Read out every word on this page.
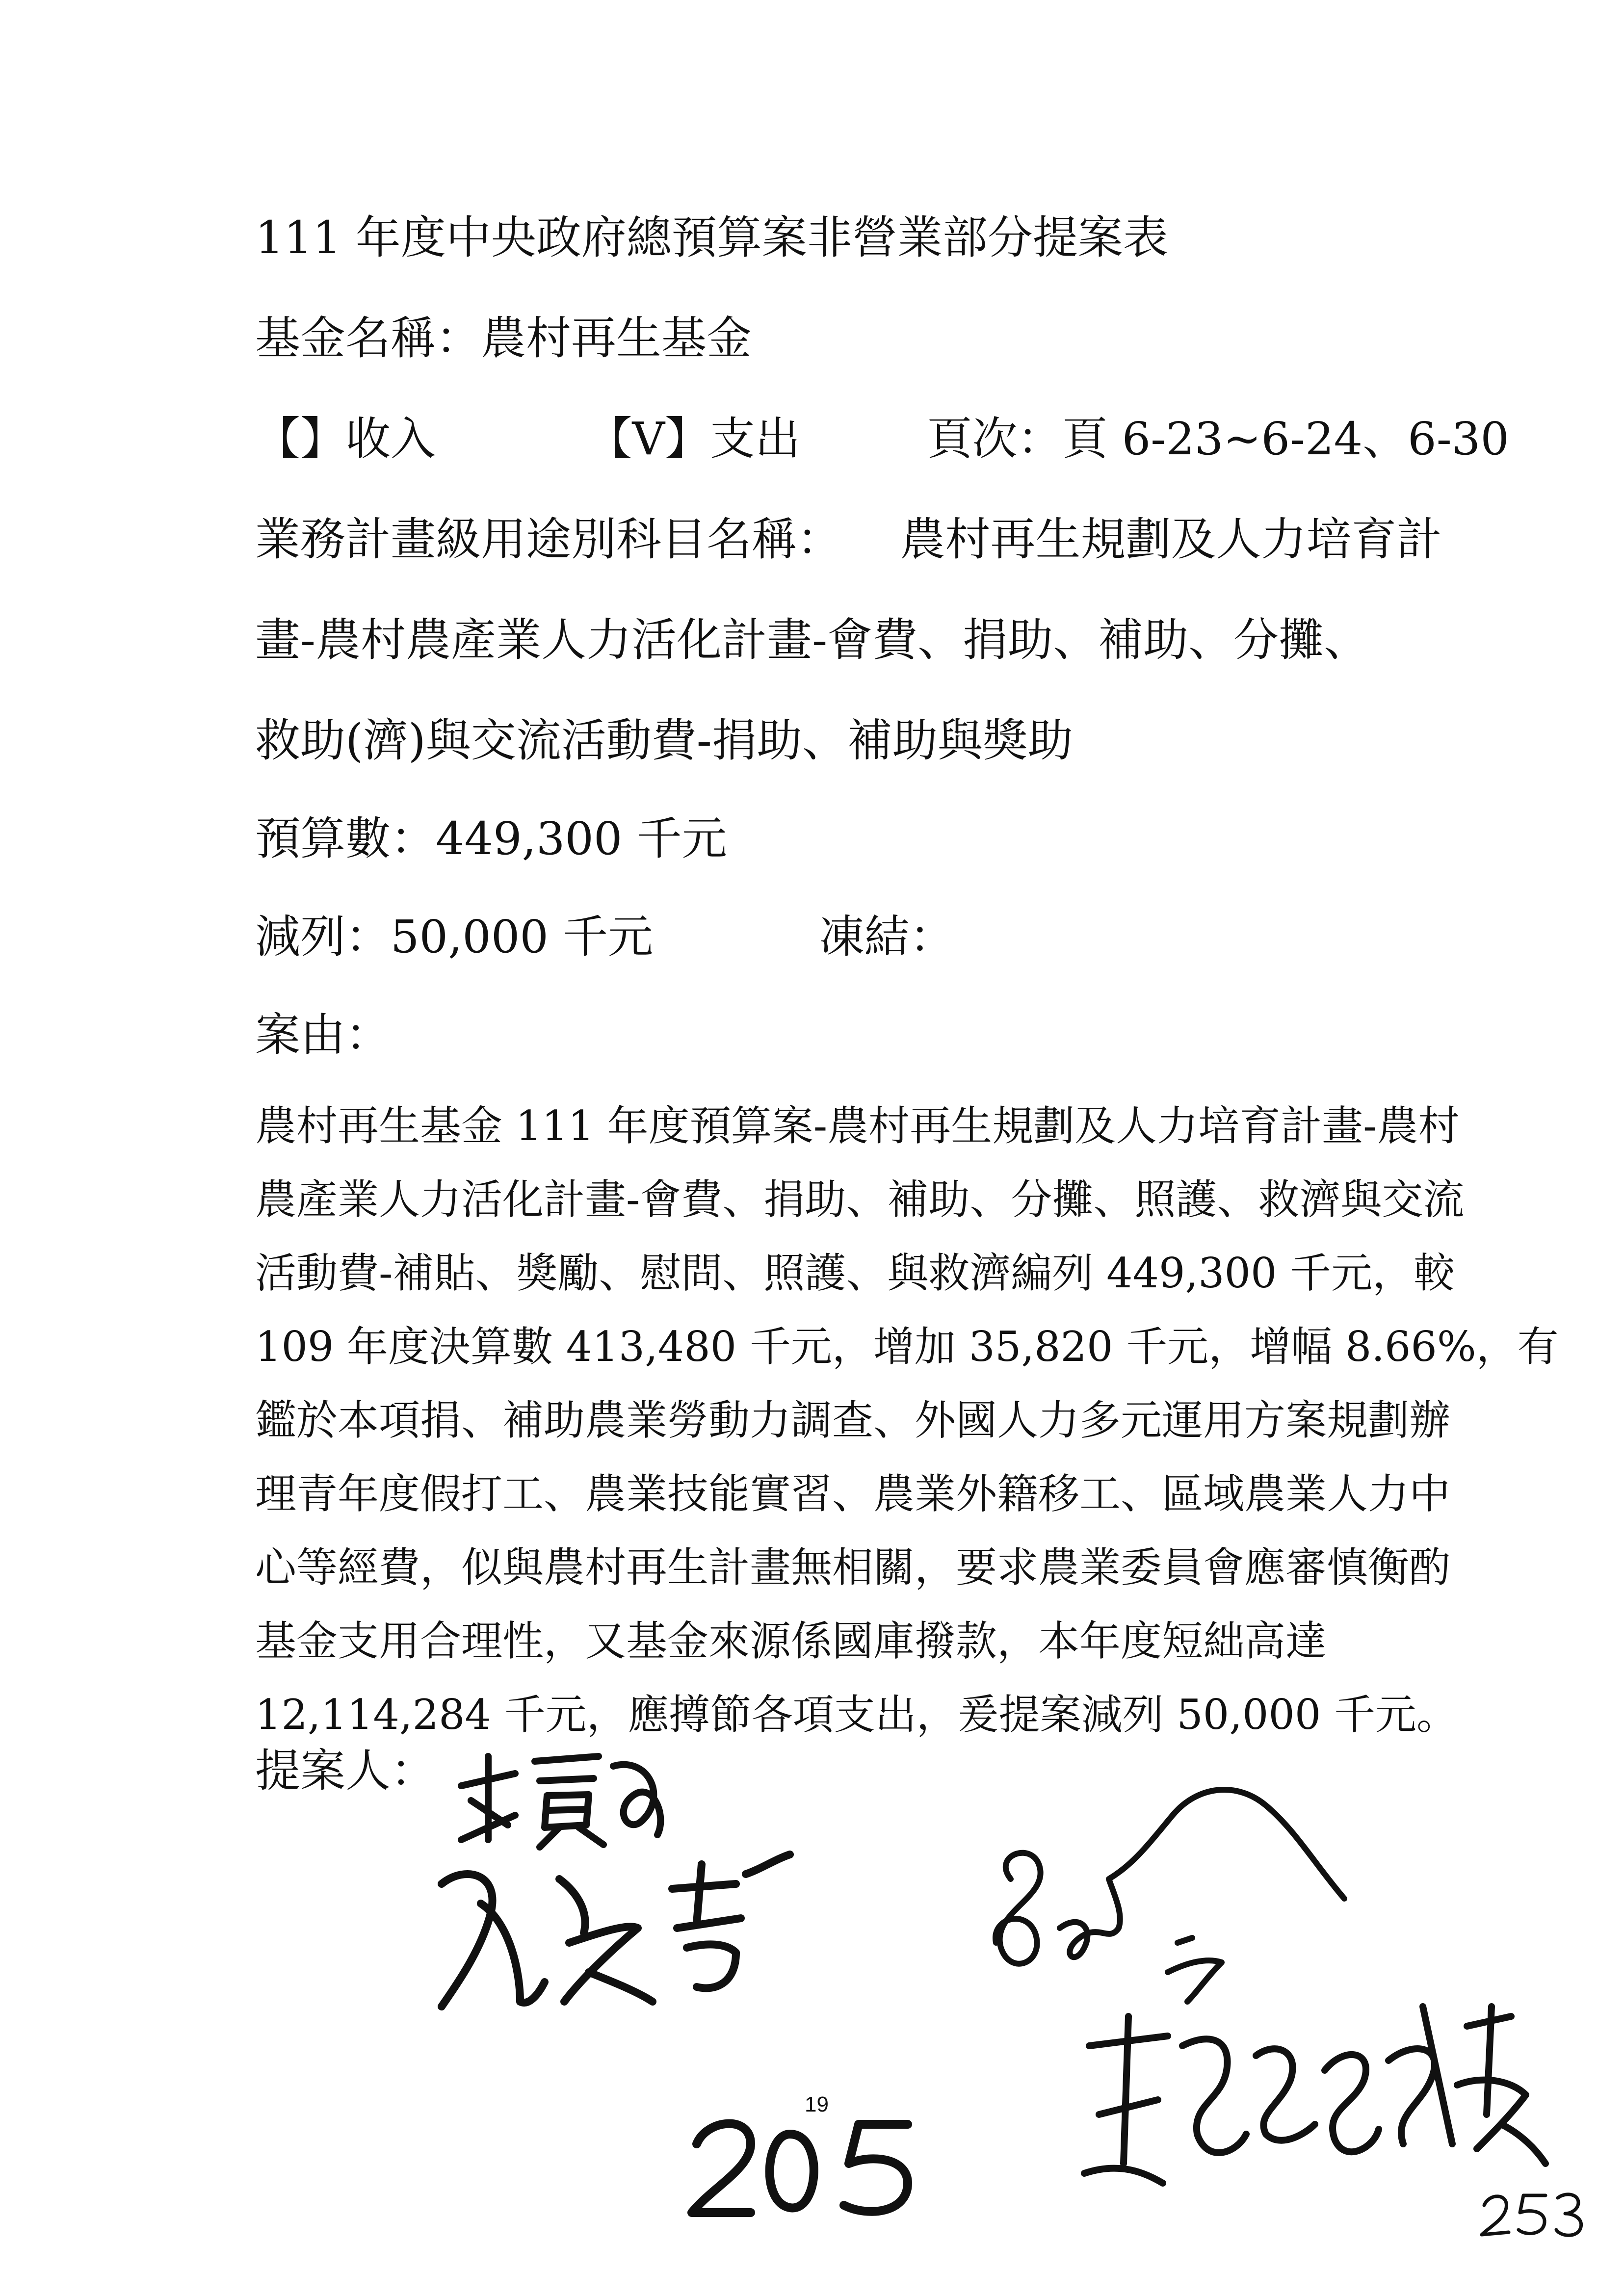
111 年度中央政府總預算案非營業部分提案表
基金名稱：農村再生基金
【】收入	【V】支出	頁次：頁 6-23~6-24、6-30
業務計畫級用途別科目名稱： 農村再生規劃及人力培育計
畫-農村農產業人力活化計畫-會費、捐助、補助、分攤、
救助(濟)與交流活動費-捐助、補助與獎助
預算數：449,300 千元
減列：50,000 千元	凍結：
案由：
農村再生基金 111 年度預算案-農村再生規劃及人力培育計畫-農村
農產業人力活化計畫-會費、捐助、補助、分攤、照護、救濟與交流
活動費-補貼、獎勵、慰問、照護、與救濟編列 449,300 千元，較
109 年度決算數 413,480 千元，增加 35,820 千元，增幅 8.66%，有
鑑於本項捐、補助農業勞動力調查、外國人力多元運用方案規劃辦
理青年度假打工、農業技能實習、農業外籍移工、區域農業人力中
心等經費，似與農村再生計畫無相關，要求農業委員會應審慎衡酌
基金支用合理性，又基金來源係國庫撥款，本年度短絀高達
12,114,284 千元，應撙節各項支出，爰提案減列 50,000 千元。
提案人：
19
